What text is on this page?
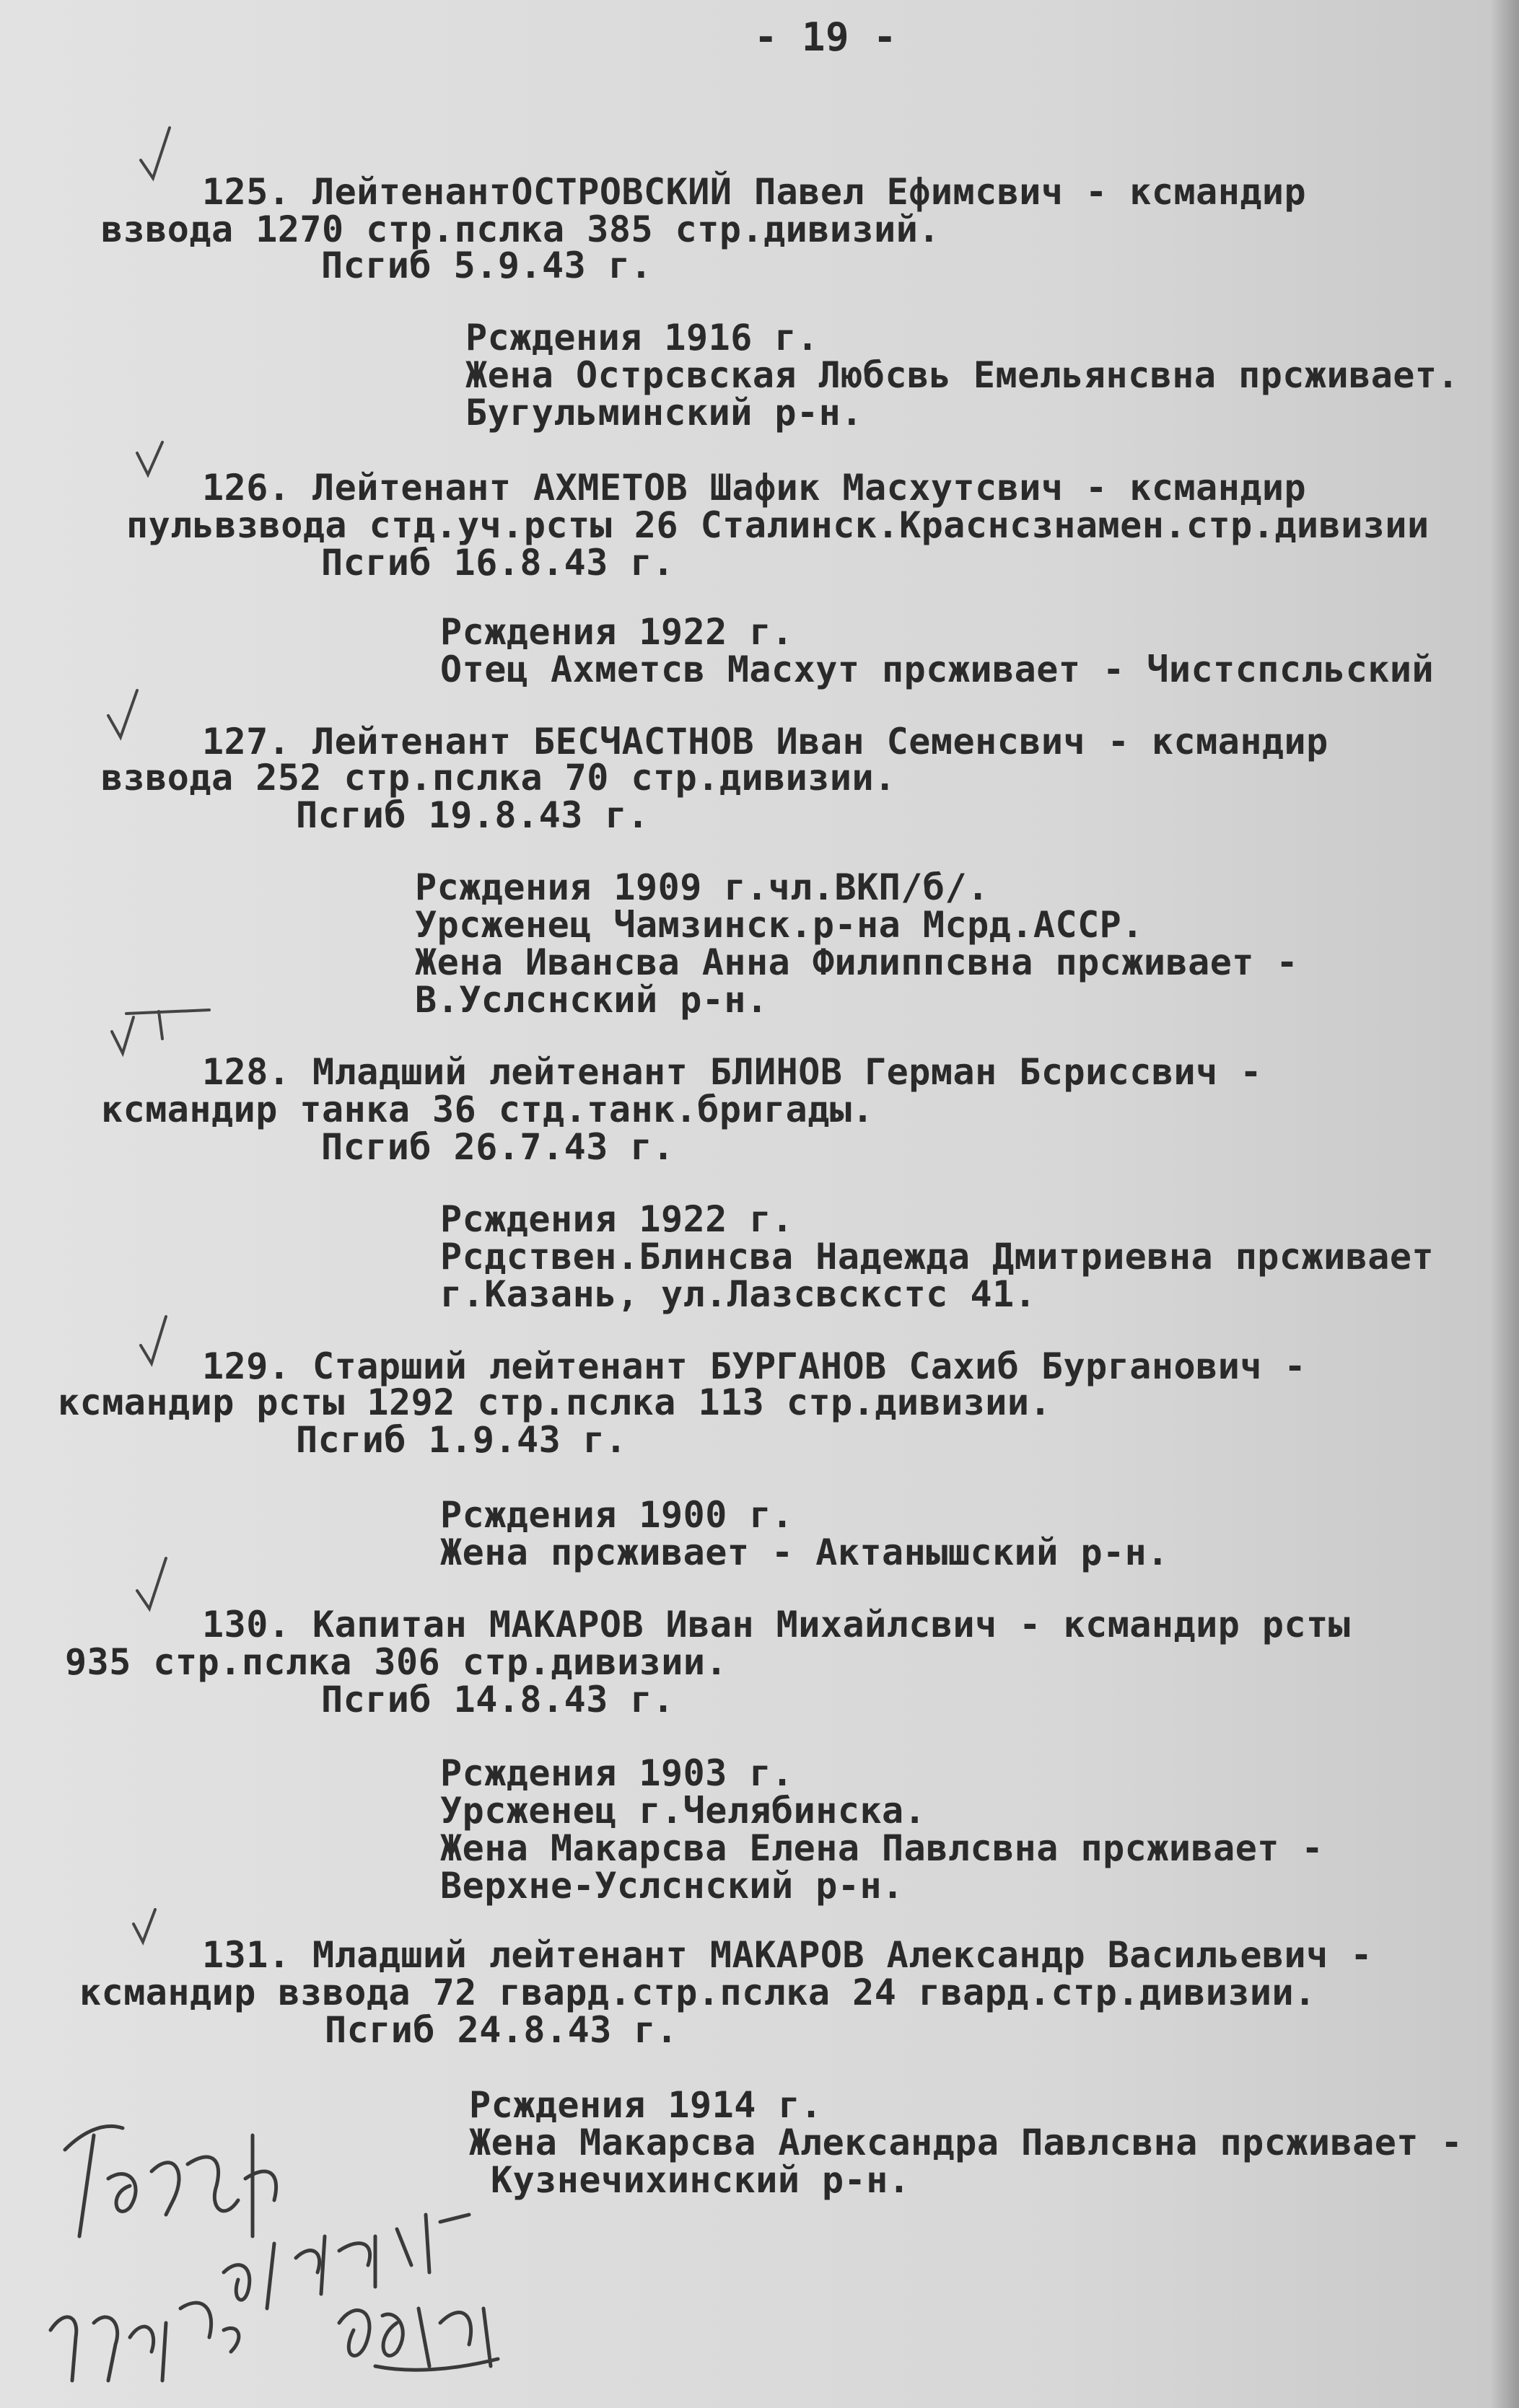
- 19 -
125. ЛейтенантОСТРОВСКИЙ Павел Ефимсвич - ксмандир
взвода 1270 стр.пслка 385 стр.дивизий.
Псгиб 5.9.43 г.
Рсждения 1916 г.
Жена Острсвская Любсвь Емельянсвна прсживает.
Бугульминский р-н.
126. Лейтенант АХМЕТОВ Шафик Масхутсвич - ксмандир
пульвзвода стд.уч.рсты 26 Сталинск.Краснсзнамен.стр.дивизии
Псгиб 16.8.43 г.
Рсждения 1922 г.
Отец Ахметсв Масхут прсживает - Чистспсльский
127. Лейтенант БЕСЧАСТНОВ Иван Семенсвич - ксмандир
взвода 252 стр.пслка 70 стр.дивизии.
Псгиб 19.8.43 г.
Рсждения 1909 г.чл.ВКП/б/.
Урсженец Чамзинск.р-на Мсрд.АССР.
Жена Ивансва Анна Филиппсвна прсживает -
В.Услснский р-н.
128. Младший лейтенант БЛИНОВ Герман Бсриссвич -
ксмандир танка 36 стд.танк.бригады.
Псгиб 26.7.43 г.
Рсждения 1922 г.
Рсдствен.Блинсва Надежда Дмитриевна прсживает
г.Казань, ул.Лазсвскстс 41.
129. Старший лейтенант БУРГАНОВ Сахиб Бурганович -
ксмандир рсты 1292 стр.пслка 113 стр.дивизии.
Псгиб 1.9.43 г.
Рсждения 1900 г.
Жена прсживает - Актанышский р-н.
130. Капитан МАКАРОВ Иван Михайлсвич - ксмандир рсты
935 стр.пслка 306 стр.дивизии.
Псгиб 14.8.43 г.
Рсждения 1903 г.
Урсженец г.Челябинска.
Жена Макарсва Елена Павлсвна прсживает -
Верхне-Услснский р-н.
131. Младший лейтенант МАКАРОВ Александр Васильевич -
ксмандир взвода 72 гвард.стр.пслка 24 гвард.стр.дивизии.
Псгиб 24.8.43 г.
Рсждения 1914 г.
Жена Макарсва Александра Павлсвна прсживает -
Кузнечихинский р-н.
